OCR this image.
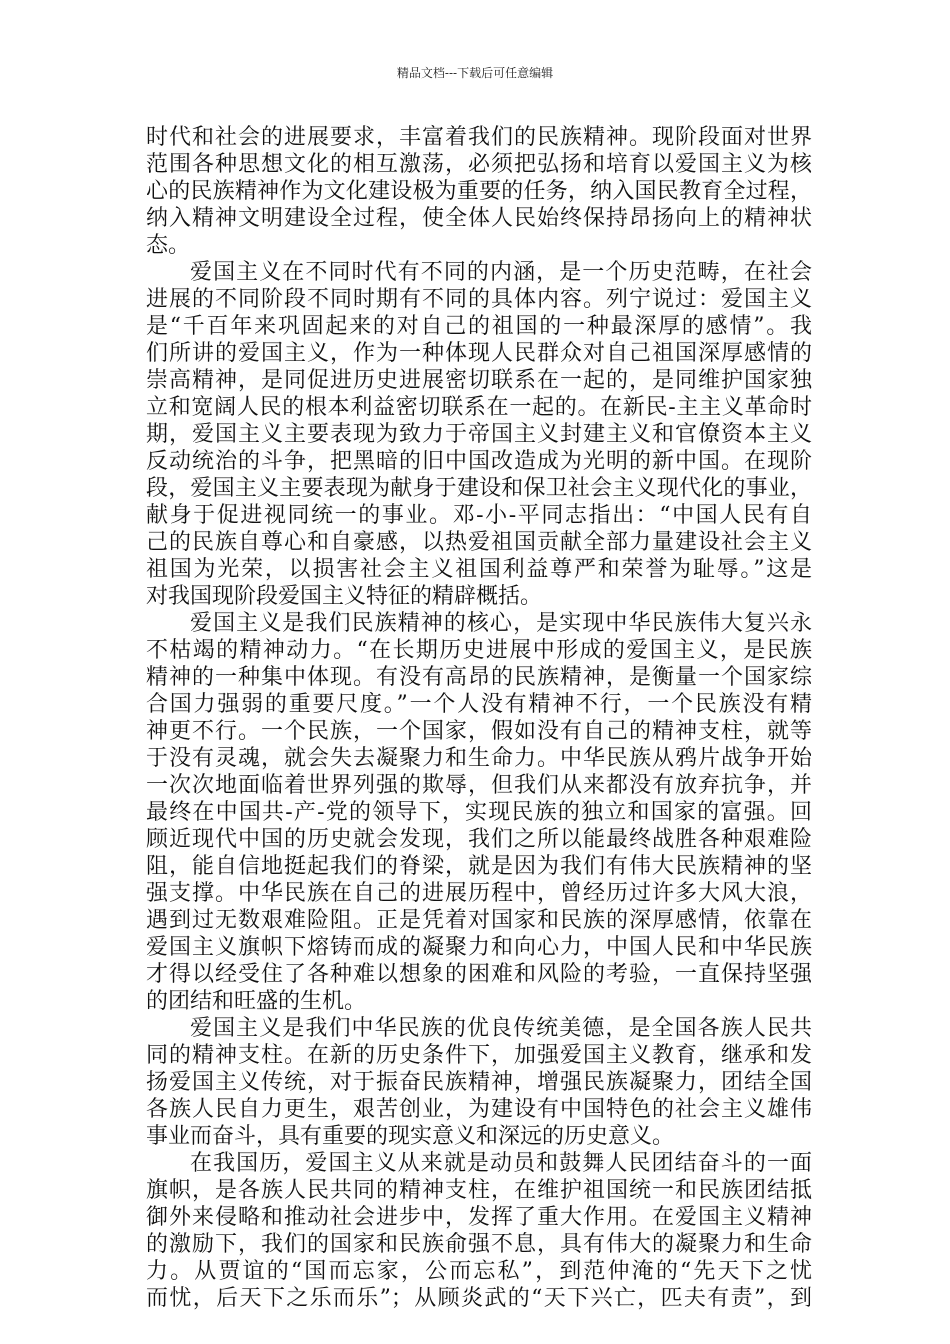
精品文档---下载后可任意编辑
时代和社会的进展要求，丰富着我们的民族精神。现阶段面对世界
范围各种思想文化的相互激荡，必须把弘扬和培育以爱国主义为核
心的民族精神作为文化建设极为重要的任务，纳入国民教育全过程，
纳入精神文明建设全过程，使全体人民始终保持昂扬向上的精神状
态。
爱国主义在不同时代有不同的内涵，是一个历史范畴，在社会
进展的不同阶段不同时期有不同的具体内容。列宁说过：爱国主义
是“千百年来巩固起来的对自己的祖国的一种最深厚的感情”。我
们所讲的爱国主义，作为一种体现人民群众对自己祖国深厚感情的
崇高精神，是同促进历史进展密切联系在一起的，是同维护国家独
立和宽阔人民的根本利益密切联系在一起的。在新民-主主义革命时
期，爱国主义主要表现为致力于帝国主义封建主义和官僚资本主义
反动统治的斗争，把黑暗的旧中国改造成为光明的新中国。在现阶
段，爱国主义主要表现为献身于建设和保卫社会主义现代化的事业，
献身于促进视同统一的事业。邓-小-平同志指出：“中国人民有自
己的民族自尊心和自豪感，以热爱祖国贡献全部力量建设社会主义
祖国为光荣，以损害社会主义祖国利益尊严和荣誉为耻辱。”这是
对我国现阶段爱国主义特征的精辟概括。
爱国主义是我们民族精神的核心，是实现中华民族伟大复兴永
不枯竭的精神动力。“在长期历史进展中形成的爱国主义，是民族
精神的一种集中体现。有没有高昂的民族精神，是衡量一个国家综
合国力强弱的重要尺度。”一个人没有精神不行，一个民族没有精
神更不行。一个民族，一个国家，假如没有自己的精神支柱，就等
于没有灵魂，就会失去凝聚力和生命力。中华民族从鸦片战争开始
一次次地面临着世界列强的欺辱，但我们从来都没有放弃抗争，并
最终在中国共-产-党的领导下，实现民族的独立和国家的富强。回
顾近现代中国的历史就会发现，我们之所以能最终战胜各种艰难险
阻，能自信地挺起我们的脊梁，就是因为我们有伟大民族精神的坚
强支撑。中华民族在自己的进展历程中，曾经历过许多大风大浪，
遇到过无数艰难险阻。正是凭着对国家和民族的深厚感情，依靠在
爱国主义旗帜下熔铸而成的凝聚力和向心力，中国人民和中华民族
才得以经受住了各种难以想象的困难和风险的考验，一直保持坚强
的团结和旺盛的生机。
爱国主义是我们中华民族的优良传统美德，是全国各族人民共
同的精神支柱。在新的历史条件下，加强爱国主义教育，继承和发
扬爱国主义传统，对于振奋民族精神，增强民族凝聚力，团结全国
各族人民自力更生，艰苦创业，为建设有中国特色的社会主义雄伟
事业而奋斗，具有重要的现实意义和深远的历史意义。
在我国历，爱国主义从来就是动员和鼓舞人民团结奋斗的一面
旗帜，是各族人民共同的精神支柱，在维护祖国统一和民族团结抵
御外来侵略和推动社会进步中，发挥了重大作用。在爱国主义精神
的激励下，我们的国家和民族俞强不息，具有伟大的凝聚力和生命
力。从贾谊的“国而忘家，公而忘私”，到范仲淹的“先天下之忧
而忧，后天下之乐而乐”；从顾炎武的“天下兴亡，匹夫有责”，到
